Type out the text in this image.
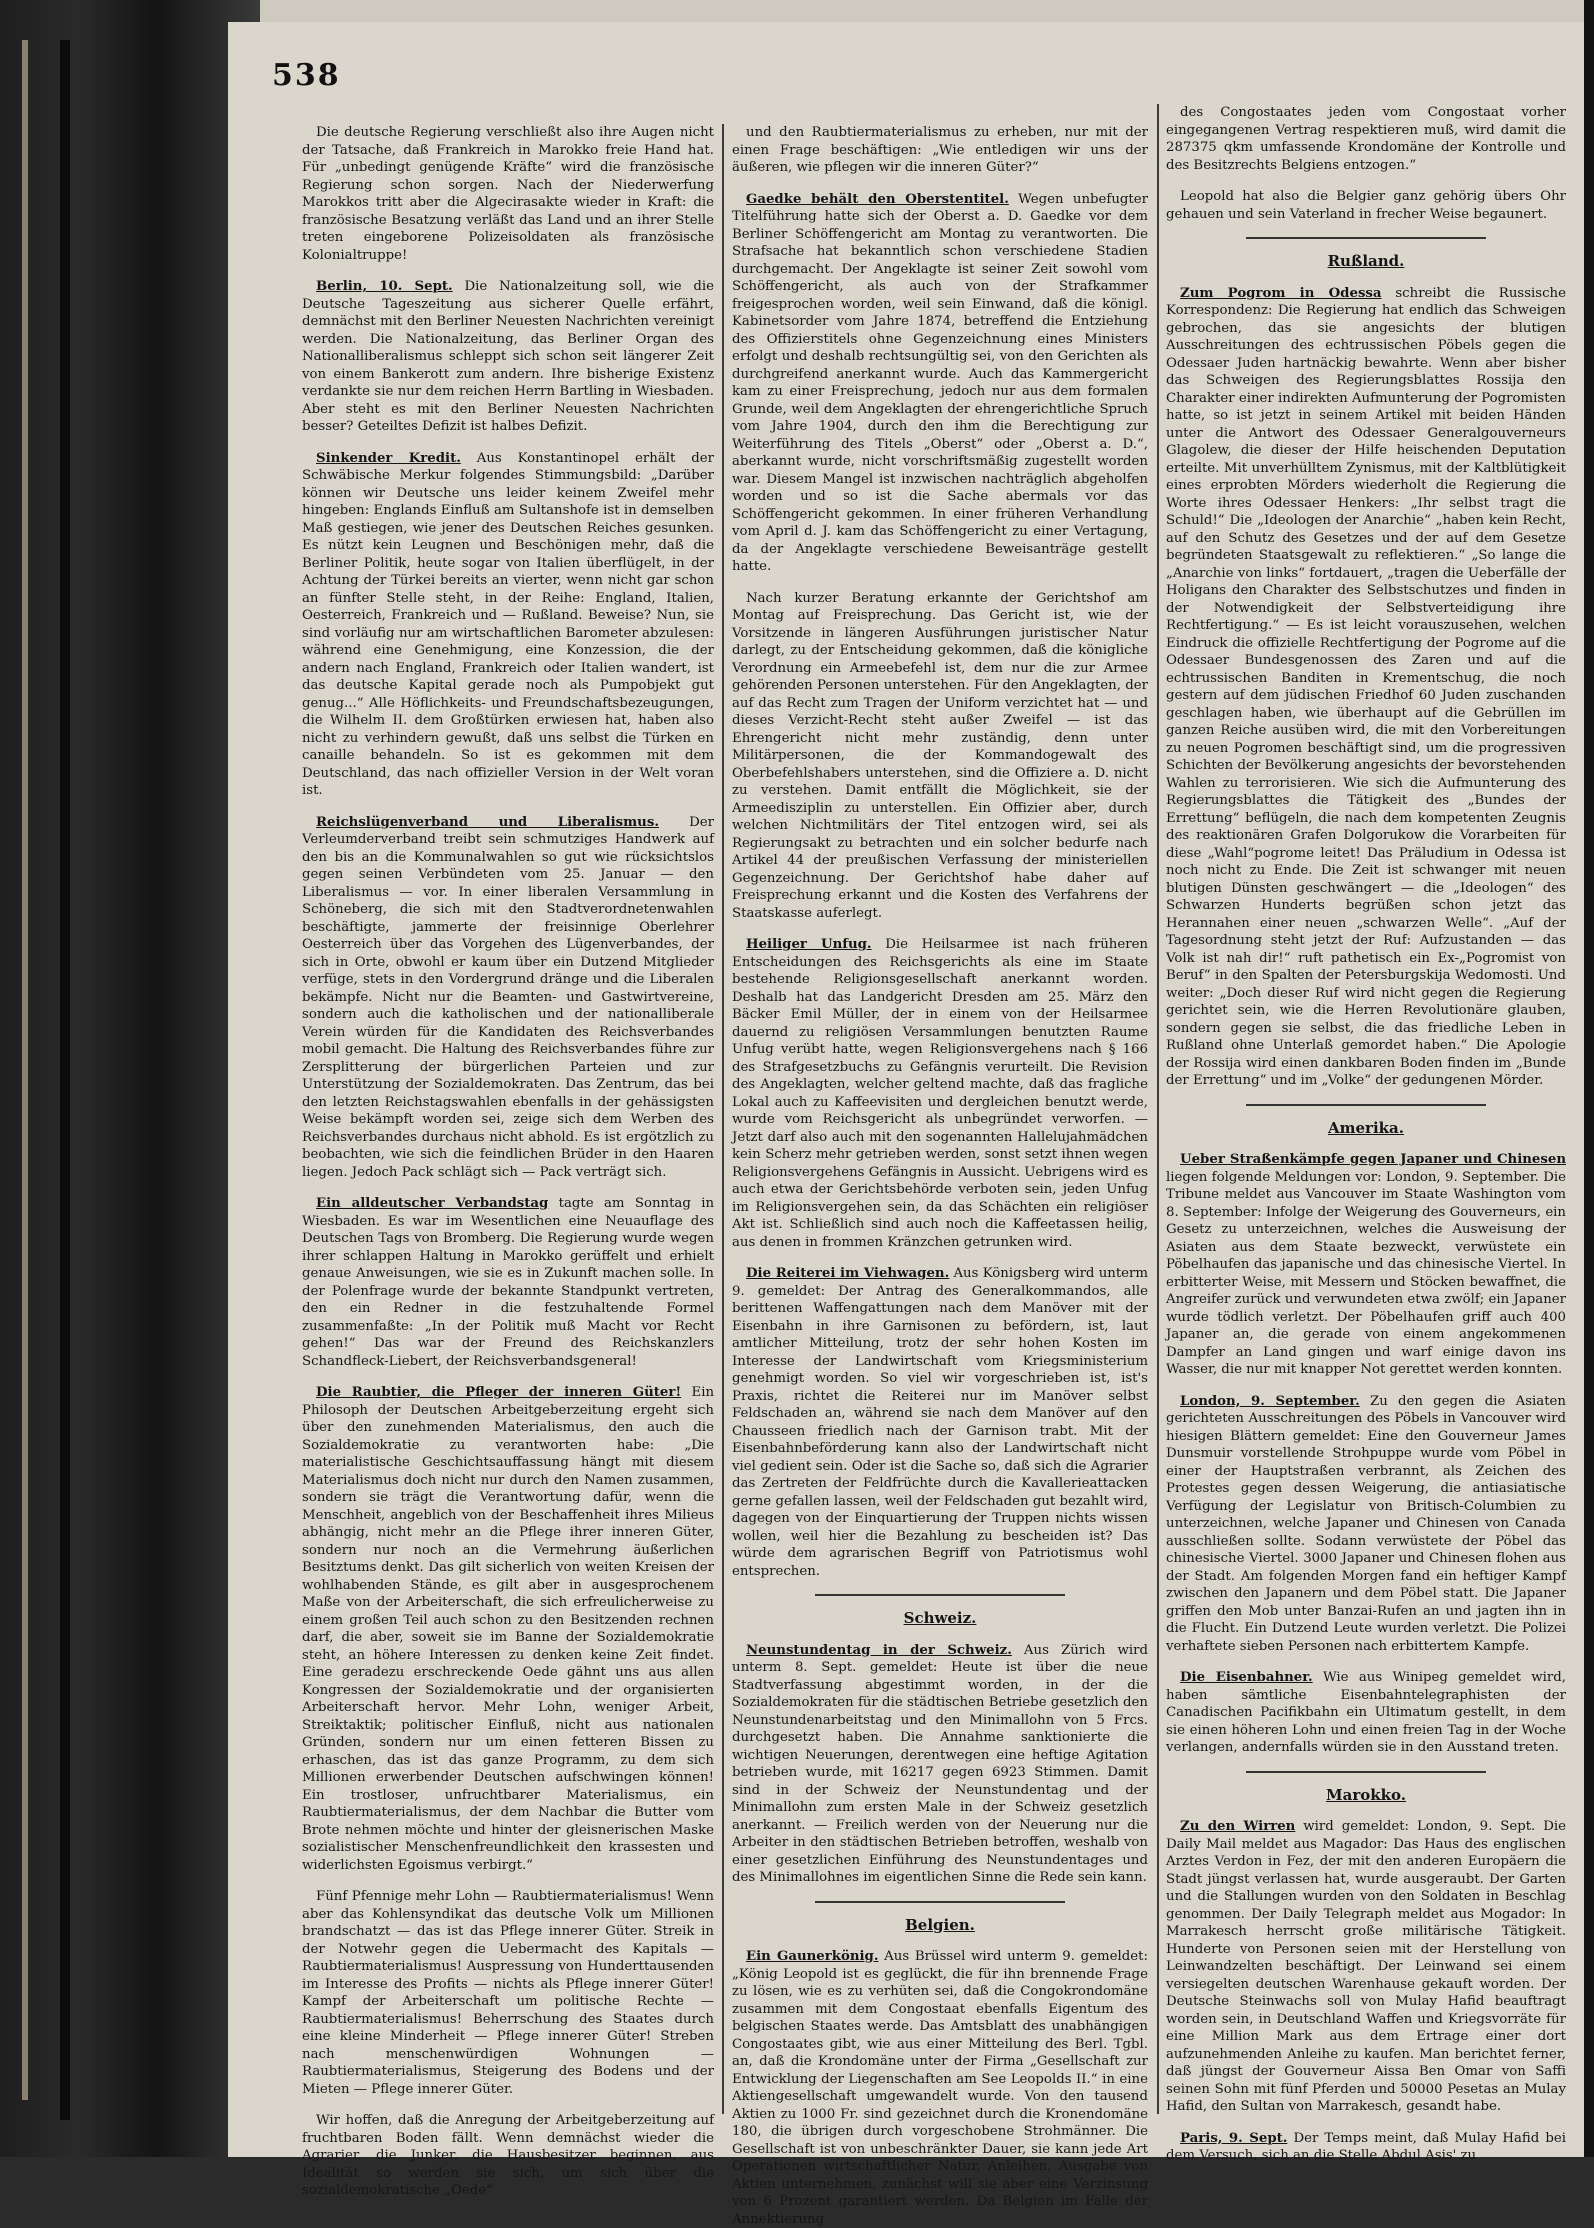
538

Die deutsche Regierung verschließt also ihre Augen nicht der Tatsache, daß Frankreich in Marokko freie Hand hat. Für „unbedingt genügende Kräfte“ wird die französische Regierung schon sorgen. Nach der Niederwerfung Marokkos tritt aber die Algecirasakte wieder in Kraft: die französische Besatzung verläßt das Land und an ihrer Stelle treten eingeborene Polizeisoldaten als französische Kolonialtruppe!

Berlin, 10. Sept. Die Nationalzeitung soll, wie die Deutsche Tageszeitung aus sicherer Quelle erfährt, demnächst mit den Berliner Neuesten Nachrichten vereinigt werden. Die Nationalzeitung, das Berliner Organ des Nationalliberalismus schleppt sich schon seit längerer Zeit von einem Bankerott zum andern. Ihre bisherige Existenz verdankte sie nur dem reichen Herrn Bartling in Wiesbaden. Aber steht es mit den Berliner Neuesten Nachrichten besser? Geteiltes Defizit ist halbes Defizit.

Sinkender Kredit. Aus Konstantinopel erhält der Schwäbische Merkur folgendes Stimmungsbild: „Darüber können wir Deutsche uns leider keinem Zweifel mehr hingeben: Englands Einfluß am Sultanshofe ist in demselben Maß gestiegen, wie jener des Deutschen Reiches gesunken. Es nützt kein Leugnen und Beschönigen mehr, daß die Berliner Politik, heute sogar von Italien überflügelt, in der Achtung der Türkei bereits an vierter, wenn nicht gar schon an fünfter Stelle steht, in der Reihe: England, Italien, Oesterreich, Frankreich und — Rußland. Beweise? Nun, sie sind vorläufig nur am wirtschaftlichen Barometer abzulesen: während eine Genehmigung, eine Konzession, die der andern nach England, Frankreich oder Italien wandert, ist das deutsche Kapital gerade noch als Pumpobjekt gut genug...“ Alle Höflichkeits- und Freundschaftsbezeugungen, die Wilhelm II. dem Großtürken erwiesen hat, haben also nicht zu verhindern gewußt, daß uns selbst die Türken en canaille behandeln. So ist es gekommen mit dem Deutschland, das nach offizieller Version in der Welt voran ist.

Reichslügenverband und Liberalismus. Der Verleumderverband treibt sein schmutziges Handwerk auf den bis an die Kommunalwahlen so gut wie rücksichtslos gegen seinen Verbündeten vom 25. Januar — den Liberalismus — vor. In einer liberalen Versammlung in Schöneberg, die sich mit den Stadtverordnetenwahlen beschäftigte, jammerte der freisinnige Oberlehrer Oesterreich über das Vorgehen des Lügenverbandes, der sich in Orte, obwohl er kaum über ein Dutzend Mitglieder verfüge, stets in den Vordergrund dränge und die Liberalen bekämpfe. Nicht nur die Beamten- und Gastwirtvereine, sondern auch die katholischen und der nationalliberale Verein würden für die Kandidaten des Reichsverbandes mobil gemacht. Die Haltung des Reichsverbandes führe zur Zersplitterung der bürgerlichen Parteien und zur Unterstützung der Sozialdemokraten. Das Zentrum, das bei den letzten Reichstagswahlen ebenfalls in der gehässigsten Weise bekämpft worden sei, zeige sich dem Werben des Reichsverbandes durchaus nicht abhold. Es ist ergötzlich zu beobachten, wie sich die feindlichen Brüder in den Haaren liegen. Jedoch Pack schlägt sich — Pack verträgt sich.

Ein alldeutscher Verbandstag tagte am Sonntag in Wiesbaden. Es war im Wesentlichen eine Neuauflage des Deutschen Tags von Bromberg. Die Regierung wurde wegen ihrer schlappen Haltung in Marokko gerüffelt und erhielt genaue Anweisungen, wie sie es in Zukunft machen solle. In der Polenfrage wurde der bekannte Standpunkt vertreten, den ein Redner in die festzuhaltende Formel zusammenfaßte: „In der Politik muß Macht vor Recht gehen!“ Das war der Freund des Reichskanzlers Schandfleck-Liebert, der Reichsverbandsgeneral!

Die Raubtier, die Pfleger der inneren Güter! Ein Philosoph der Deutschen Arbeitgeberzeitung ergeht sich über den zunehmenden Materialismus, den auch die Sozialdemokratie zu verantworten habe: „Die materialistische Geschichtsauffassung hängt mit diesem Materialismus doch nicht nur durch den Namen zusammen, sondern sie trägt die Verantwortung dafür, wenn die Menschheit, angeblich von der Beschaffenheit ihres Milieus abhängig, nicht mehr an die Pflege ihrer inneren Güter, sondern nur noch an die Vermehrung äußerlichen Besitztums denkt. Das gilt sicherlich von weiten Kreisen der wohlhabenden Stände, es gilt aber in ausgesprochenem Maße von der Arbeiterschaft, die sich erfreulicherweise zu einem großen Teil auch schon zu den Besitzenden rechnen darf, die aber, soweit sie im Banne der Sozialdemokratie steht, an höhere Interessen zu denken keine Zeit findet. Eine geradezu erschreckende Oede gähnt uns aus allen Kongressen der Sozialdemokratie und der organisierten Arbeiterschaft hervor. Mehr Lohn, weniger Arbeit, Streiktaktik; politischer Einfluß, nicht aus nationalen Gründen, sondern nur um einen fetteren Bissen zu erhaschen, das ist das ganze Programm, zu dem sich Millionen erwerbender Deutschen aufschwingen können! Ein trostloser, unfruchtbarer Materialismus, ein Raubtiermaterialismus, der dem Nachbar die Butter vom Brote nehmen möchte und hinter der gleisnerischen Maske sozialistischer Menschenfreundlichkeit den krassesten und widerlichsten Egoismus verbirgt.“

Fünf Pfennige mehr Lohn — Raubtiermaterialismus! Wenn aber das Kohlensyndikat das deutsche Volk um Millionen brandschatzt — das ist das Pflege innerer Güter. Streik in der Notwehr gegen die Uebermacht des Kapitals — Raubtiermaterialismus! Auspressung von Hunderttausenden im Interesse des Profits — nichts als Pflege innerer Güter! Kampf der Arbeiterschaft um politische Rechte — Raubtiermaterialismus! Beherrschung des Staates durch eine kleine Minderheit — Pflege innerer Güter! Streben nach menschenwürdigen Wohnungen — Raubtiermaterialismus, Steigerung des Bodens und der Mieten — Pflege innerer Güter.

Wir hoffen, daß die Anregung der Arbeitgeberzeitung auf fruchtbaren Boden fällt. Wenn demnächst wieder die Agrarier, die Junker, die Hausbesitzer beginnen, aus Idealität so werden sie sich, um sich über die sozialdemokratische „Oede“

und den Raubtiermaterialismus zu erheben, nur mit der einen Frage beschäftigen: „Wie entledigen wir uns der äußeren, wie pflegen wir die inneren Güter?“

Gaedke behält den Oberstentitel. Wegen unbefugter Titelführung hatte sich der Oberst a. D. Gaedke vor dem Berliner Schöffengericht am Montag zu verantworten. Die Strafsache hat bekanntlich schon verschiedene Stadien durchgemacht. Der Angeklagte ist seiner Zeit sowohl vom Schöffengericht, als auch von der Strafkammer freigesprochen worden, weil sein Einwand, daß die königl. Kabinetsorder vom Jahre 1874, betreffend die Entziehung des Offizierstitels ohne Gegenzeichnung eines Ministers erfolgt und deshalb rechtsungültig sei, von den Gerichten als durchgreifend anerkannt wurde. Auch das Kammergericht kam zu einer Freisprechung, jedoch nur aus dem formalen Grunde, weil dem Angeklagten der ehrengerichtliche Spruch vom Jahre 1904, durch den ihm die Berechtigung zur Weiterführung des Titels „Oberst“ oder „Oberst a. D.“, aberkannt wurde, nicht vorschriftsmäßig zugestellt worden war. Diesem Mangel ist inzwischen nachträglich abgeholfen worden und so ist die Sache abermals vor das Schöffengericht gekommen. In einer früheren Verhandlung vom April d. J. kam das Schöffengericht zu einer Vertagung, da der Angeklagte verschiedene Beweisanträge gestellt hatte.

Nach kurzer Beratung erkannte der Gerichtshof am Montag auf Freisprechung. Das Gericht ist, wie der Vorsitzende in längeren Ausführungen juristischer Natur darlegt, zu der Entscheidung gekommen, daß die königliche Verordnung ein Armeebefehl ist, dem nur die zur Armee gehörenden Personen unterstehen. Für den Angeklagten, der auf das Recht zum Tragen der Uniform verzichtet hat — und dieses Verzicht-Recht steht außer Zweifel — ist das Ehrengericht nicht mehr zuständig, denn unter Militärpersonen, die der Kommandogewalt des Oberbefehlshabers unterstehen, sind die Offiziere a. D. nicht zu verstehen. Damit entfällt die Möglichkeit, sie der Armeedisziplin zu unterstellen. Ein Offizier aber, durch welchen Nichtmilitärs der Titel entzogen wird, sei als Regierungsakt zu betrachten und ein solcher bedurfe nach Artikel 44 der preußischen Verfassung der ministeriellen Gegenzeichnung. Der Gerichtshof habe daher auf Freisprechung erkannt und die Kosten des Verfahrens der Staatskasse auferlegt.

Heiliger Unfug. Die Heilsarmee ist nach früheren Entscheidungen des Reichsgerichts als eine im Staate bestehende Religionsgesellschaft anerkannt worden. Deshalb hat das Landgericht Dresden am 25. März den Bäcker Emil Müller, der in einem von der Heilsarmee dauernd zu religiösen Versammlungen benutzten Raume Unfug verübt hatte, wegen Religionsvergehens nach § 166 des Strafgesetzbuchs zu Gefängnis verurteilt. Die Revision des Angeklagten, welcher geltend machte, daß das fragliche Lokal auch zu Kaffeevisiten und dergleichen benutzt werde, wurde vom Reichsgericht als unbegründet verworfen. — Jetzt darf also auch mit den sogenannten Hallelujahmädchen kein Scherz mehr getrieben werden, sonst setzt ihnen wegen Religionsvergehens Gefängnis in Aussicht. Uebrigens wird es auch etwa der Gerichtsbehörde verboten sein, jeden Unfug im Religionsvergehen sein, da das Schächten ein religiöser Akt ist. Schließlich sind auch noch die Kaffeetassen heilig, aus denen in frommen Kränzchen getrunken wird.

Die Reiterei im Viehwagen. Aus Königsberg wird unterm 9. gemeldet: Der Antrag des Generalkommandos, alle berittenen Waffengattungen nach dem Manöver mit der Eisenbahn in ihre Garnisonen zu befördern, ist, laut amtlicher Mitteilung, trotz der sehr hohen Kosten im Interesse der Landwirtschaft vom Kriegsministerium genehmigt worden. So viel wir vorgeschrieben ist, ist's Praxis, richtet die Reiterei nur im Manöver selbst Feldschaden an, während sie nach dem Manöver auf den Chausseen friedlich nach der Garnison trabt. Mit der Eisenbahnbeförderung kann also der Landwirtschaft nicht viel gedient sein. Oder ist die Sache so, daß sich die Agrarier das Zertreten der Feldfrüchte durch die Kavallerieattacken gerne gefallen lassen, weil der Feldschaden gut bezahlt wird, dagegen von der Einquartierung der Truppen nichts wissen wollen, weil hier die Bezahlung zu bescheiden ist? Das würde dem agrarischen Begriff von Patriotismus wohl entsprechen.

Schweiz.

Neunstundentag in der Schweiz. Aus Zürich wird unterm 8. Sept. gemeldet: Heute ist über die neue Stadtverfassung abgestimmt worden, in der die Sozialdemokraten für die städtischen Betriebe gesetzlich den Neunstundenarbeitstag und den Minimallohn von 5 Frcs. durchgesetzt haben. Die Annahme sanktionierte die wichtigen Neuerungen, derentwegen eine heftige Agitation betrieben wurde, mit 16217 gegen 6923 Stimmen. Damit sind in der Schweiz der Neunstundentag und der Minimallohn zum ersten Male in der Schweiz gesetzlich anerkannt. — Freilich werden von der Neuerung nur die Arbeiter in den städtischen Betrieben betroffen, weshalb von einer gesetzlichen Einführung des Neunstundentages und des Minimallohnes im eigentlichen Sinne die Rede sein kann.

Belgien.

Ein Gaunerkönig. Aus Brüssel wird unterm 9. gemeldet: „König Leopold ist es geglückt, die für ihn brennende Frage zu lösen, wie es zu verhüten sei, daß die Congokrondomäne zusammen mit dem Congostaat ebenfalls Eigentum des belgischen Staates werde. Das Amtsblatt des unabhängigen Congostaates gibt, wie aus einer Mitteilung des Berl. Tgbl. an, daß die Krondomäne unter der Firma „Gesellschaft zur Entwicklung der Liegenschaften am See Leopolds II.“ in eine Aktiengesellschaft umgewandelt wurde. Von den tausend Aktien zu 1000 Fr. sind gezeichnet durch die Kronendomäne 180, die übrigen durch vorgeschobene Strohmänner. Die Gesellschaft ist von unbeschränkter Dauer, sie kann jede Art Operationen wirtschaftlicher Natur, Anleihen, Ausgabe von Aktien unternehmen, zunächst will sie aber eine Verzinsung von 6 Prozent garantiert werden. Da Belgien im Falle der Annektierung

des Congostaates jeden vom Congostaat vorher eingegangenen Vertrag respektieren muß, wird damit die 287375 qkm umfassende Krondomäne der Kontrolle und des Besitzrechts Belgiens entzogen.“

Leopold hat also die Belgier ganz gehörig übers Ohr gehauen und sein Vaterland in frecher Weise begaunert.

Rußland.

Zum Pogrom in Odessa schreibt die Russische Korrespondenz: Die Regierung hat endlich das Schweigen gebrochen, das sie angesichts der blutigen Ausschreitungen des echtrussischen Pöbels gegen die Odessaer Juden hartnäckig bewahrte. Wenn aber bisher das Schweigen des Regierungsblattes Rossija den Charakter einer indirekten Aufmunterung der Pogromisten hatte, so ist jetzt in seinem Artikel mit beiden Händen unter die Antwort des Odessaer Generalgouverneurs Glagolew, die dieser der Hilfe heischenden Deputation erteilte. Mit unverhülltem Zynismus, mit der Kaltblütigkeit eines erprobten Mörders wiederholt die Regierung die Worte ihres Odessaer Henkers: „Ihr selbst tragt die Schuld!“ Die „Ideologen der Anarchie“ „haben kein Recht, auf den Schutz des Gesetzes und der auf dem Gesetze begründeten Staatsgewalt zu reflektieren.“ „So lange die „Anarchie von links“ fortdauert, „tragen die Ueberfälle der Holigans den Charakter des Selbstschutzes und finden in der Notwendigkeit der Selbstverteidigung ihre Rechtfertigung.“ — Es ist leicht vorauszusehen, welchen Eindruck die offizielle Rechtfertigung der Pogrome auf die Odessaer Bundesgenossen des Zaren und auf die echtrussischen Banditen in Krementschug, die noch gestern auf dem jüdischen Friedhof 60 Juden zuschanden geschlagen haben, wie überhaupt auf die Gebrüllen im ganzen Reiche ausüben wird, die mit den Vorbereitungen zu neuen Pogromen beschäftigt sind, um die progressiven Schichten der Bevölkerung angesichts der bevorstehenden Wahlen zu terrorisieren. Wie sich die Aufmunterung des Regierungsblattes die Tätigkeit des „Bundes der Errettung“ beflügeln, die nach dem kompetenten Zeugnis des reaktionären Grafen Dolgorukow die Vorarbeiten für diese „Wahl“pogrome leitet! Das Präludium in Odessa ist noch nicht zu Ende. Die Zeit ist schwanger mit neuen blutigen Dünsten geschwängert — die „Ideologen“ des Schwarzen Hunderts begrüßen schon jetzt das Herannahen einer neuen „schwarzen Welle“. „Auf der Tagesordnung steht jetzt der Ruf: Aufzustanden — das Volk ist nah dir!“ ruft pathetisch ein Ex-„Pogromist von Beruf“ in den Spalten der Petersburgskija Wedomosti. Und weiter: „Doch dieser Ruf wird nicht gegen die Regierung gerichtet sein, wie die Herren Revolutionäre glauben, sondern gegen sie selbst, die das friedliche Leben in Rußland ohne Unterlaß gemordet haben.“ Die Apologie der Rossija wird einen dankbaren Boden finden im „Bunde der Errettung“ und im „Volke“ der gedungenen Mörder.

Amerika.

Ueber Straßenkämpfe gegen Japaner und Chinesen liegen folgende Meldungen vor: London, 9. September. Die Tribune meldet aus Vancouver im Staate Washington vom 8. September: Infolge der Weigerung des Gouverneurs, ein Gesetz zu unterzeichnen, welches die Ausweisung der Asiaten aus dem Staate bezweckt, verwüstete ein Pöbelhaufen das japanische und das chinesische Viertel. In erbitterter Weise, mit Messern und Stöcken bewaffnet, die Angreifer zurück und verwundeten etwa zwölf; ein Japaner wurde tödlich verletzt. Der Pöbelhaufen griff auch 400 Japaner an, die gerade von einem angekommenen Dampfer an Land gingen und warf einige davon ins Wasser, die nur mit knapper Not gerettet werden konnten.

London, 9. September. Zu den gegen die Asiaten gerichteten Ausschreitungen des Pöbels in Vancouver wird hiesigen Blättern gemeldet: Eine den Gouverneur James Dunsmuir vorstellende Strohpuppe wurde vom Pöbel in einer der Hauptstraßen verbrannt, als Zeichen des Protestes gegen dessen Weigerung, die antiasiatische Verfügung der Legislatur von Britisch-Columbien zu unterzeichnen, welche Japaner und Chinesen von Canada ausschließen sollte. Sodann verwüstete der Pöbel das chinesische Viertel. 3000 Japaner und Chinesen flohen aus der Stadt. Am folgenden Morgen fand ein heftiger Kampf zwischen den Japanern und dem Pöbel statt. Die Japaner griffen den Mob unter Banzai-Rufen an und jagten ihn in die Flucht. Ein Dutzend Leute wurden verletzt. Die Polizei verhaftete sieben Personen nach erbittertem Kampfe.

Die Eisenbahner. Wie aus Winipeg gemeldet wird, haben sämtliche Eisenbahntelegraphisten der Canadischen Pacifikbahn ein Ultimatum gestellt, in dem sie einen höheren Lohn und einen freien Tag in der Woche verlangen, andernfalls würden sie in den Ausstand treten.

Marokko.

Zu den Wirren wird gemeldet: London, 9. Sept. Die Daily Mail meldet aus Magador: Das Haus des englischen Arztes Verdon in Fez, der mit den anderen Europäern die Stadt jüngst verlassen hat, wurde ausgeraubt. Der Garten und die Stallungen wurden von den Soldaten in Beschlag genommen. Der Daily Telegraph meldet aus Mogador: In Marrakesch herrscht große militärische Tätigkeit. Hunderte von Personen seien mit der Herstellung von Leinwandzelten beschäftigt. Der Leinwand sei einem versiegelten deutschen Warenhause gekauft worden. Der Deutsche Steinwachs soll von Mulay Hafid beauftragt worden sein, in Deutschland Waffen und Kriegsvorräte für eine Million Mark aus dem Ertrage einer dort aufzunehmenden Anleihe zu kaufen. Man berichtet ferner, daß jüngst der Gouverneur Aissa Ben Omar von Saffi seinen Sohn mit fünf Pferden und 50000 Pesetas an Mulay Hafid, den Sultan von Marrakesch, gesandt habe.

Paris, 9. Sept. Der Temps meint, daß Mulay Hafid bei dem Versuch, sich an die Stelle Abdul Asis' zu
